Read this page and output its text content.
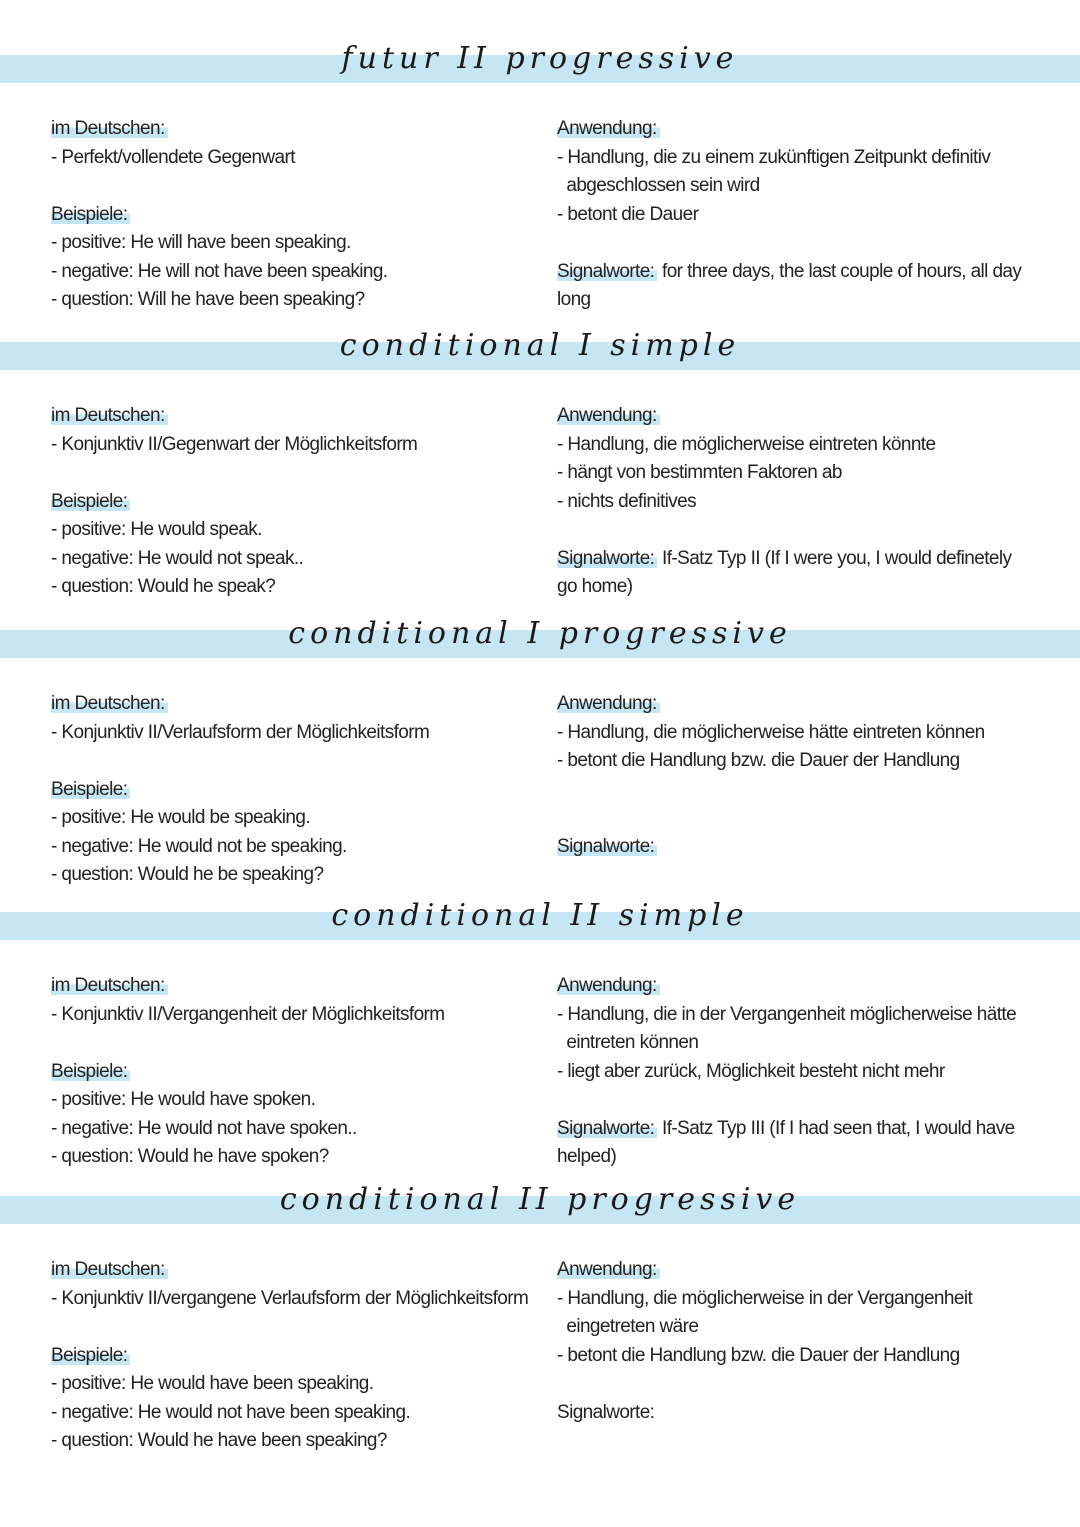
futur II progressive
im Deutschen:
- Perfekt/vollendete Gegenwart
Beispiele:
- positive: He will have been speaking.
- negative: He will not have been speaking.
- question: Will he have been speaking?
Anwendung:
- Handlung, die zu einem zukünftigen Zeitpunkt definitiv
abgeschlossen sein wird
- betont die Dauer
Signalworte: for three days, the last couple of hours, all day
long
conditional I simple
im Deutschen:
- Konjunktiv II/Gegenwart der Möglichkeitsform
Beispiele:
- positive: He would speak.
- negative: He would not speak..
- question: Would he speak?
Anwendung:
- Handlung, die möglicherweise eintreten könnte
- hängt von bestimmten Faktoren ab
- nichts definitives
Signalworte: If-Satz Typ II (If I were you, I would definetely
go home)
conditional I progressive
im Deutschen:
- Konjunktiv II/Verlaufsform der Möglichkeitsform
Beispiele:
- positive: He would be speaking.
- negative: He would not be speaking.
- question: Would he be speaking?
Anwendung:
- Handlung, die möglicherweise hätte eintreten können
- betont die Handlung bzw. die Dauer der Handlung
Signalworte:
conditional II simple
im Deutschen:
- Konjunktiv II/Vergangenheit der Möglichkeitsform
Beispiele:
- positive: He would have spoken.
- negative: He would not have spoken..
- question: Would he have spoken?
Anwendung:
- Handlung, die in der Vergangenheit möglicherweise hätte
eintreten können
- liegt aber zurück, Möglichkeit besteht nicht mehr
Signalworte: If-Satz Typ III (If I had seen that, I would have
helped)
conditional II progressive
im Deutschen:
- Konjunktiv II/vergangene Verlaufsform der Möglichkeitsform
Beispiele:
- positive: He would have been speaking.
- negative: He would not have been speaking.
- question: Would he have been speaking?
Anwendung:
- Handlung, die möglicherweise in der Vergangenheit
eingetreten wäre
- betont die Handlung bzw. die Dauer der Handlung
Signalworte:
